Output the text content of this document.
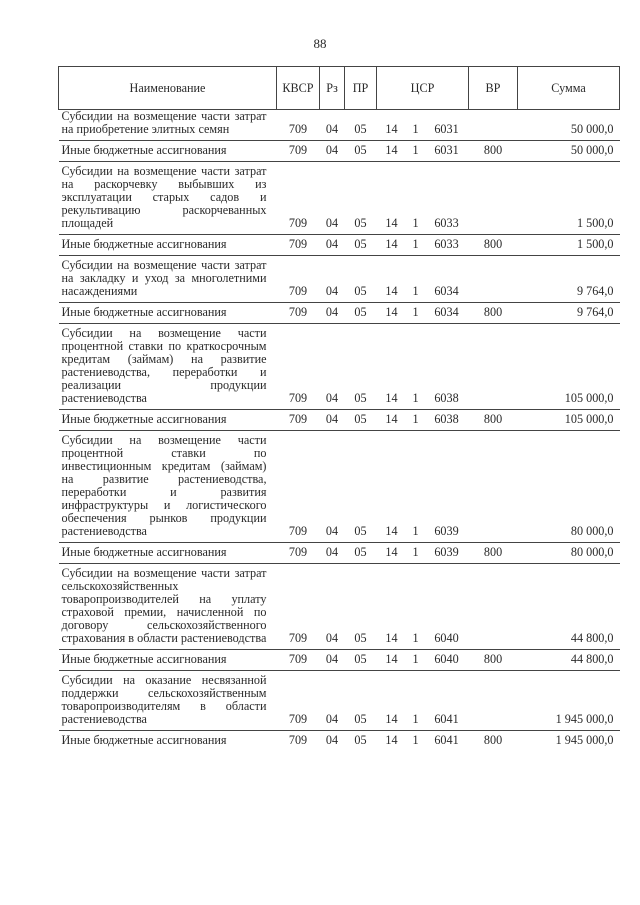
88
Наименование	КВСР	Рз	ПР	ЦСР			ВР	Сумма
Субсидии на возмещение части затрат на приобретение элитных семян	709	04	05	14	1	6031		50 000,0
Иные бюджетные ассигнования	709	04	05	14	1	6031	800	50 000,0
Субсидии на возмещение части затрат на раскорчевку выбывших из эксплуатации старых садов и рекультивацию раскорчеванных площадей	709	04	05	14	1	6033		1 500,0
Иные бюджетные ассигнования	709	04	05	14	1	6033	800	1 500,0
Субсидии на возмещение части затрат на закладку и уход за многолетними насаждениями	709	04	05	14	1	6034		9 764,0
Иные бюджетные ассигнования	709	04	05	14	1	6034	800	9 764,0
Субсидии на возмещение части процентной ставки по краткосрочным кредитам (займам) на развитие растениеводства, переработки и реализации продукции растениеводства	709	04	05	14	1	6038		105 000,0
Иные бюджетные ассигнования	709	04	05	14	1	6038	800	105 000,0
Субсидии на возмещение части процентной ставки по инвестиционным кредитам (займам) на развитие растениеводства, переработки и развития инфраструктуры и логистического обеспечения рынков продукции растениеводства	709	04	05	14	1	6039		80 000,0
Иные бюджетные ассигнования	709	04	05	14	1	6039	800	80 000,0
Субсидии на возмещение части затрат сельскохозяйственных товаропроизводителей на уплату страховой премии, начисленной по договору сельскохозяйственного страхования в области растениеводства	709	04	05	14	1	6040		44 800,0
Иные бюджетные ассигнования	709	04	05	14	1	6040	800	44 800,0
Субсидии на оказание несвязанной поддержки сельскохозяйственным товаропроизводителям в области растениеводства	709	04	05	14	1	6041		1 945 000,0
Иные бюджетные ассигнования	709	04	05	14	1	6041	800	1 945 000,0
